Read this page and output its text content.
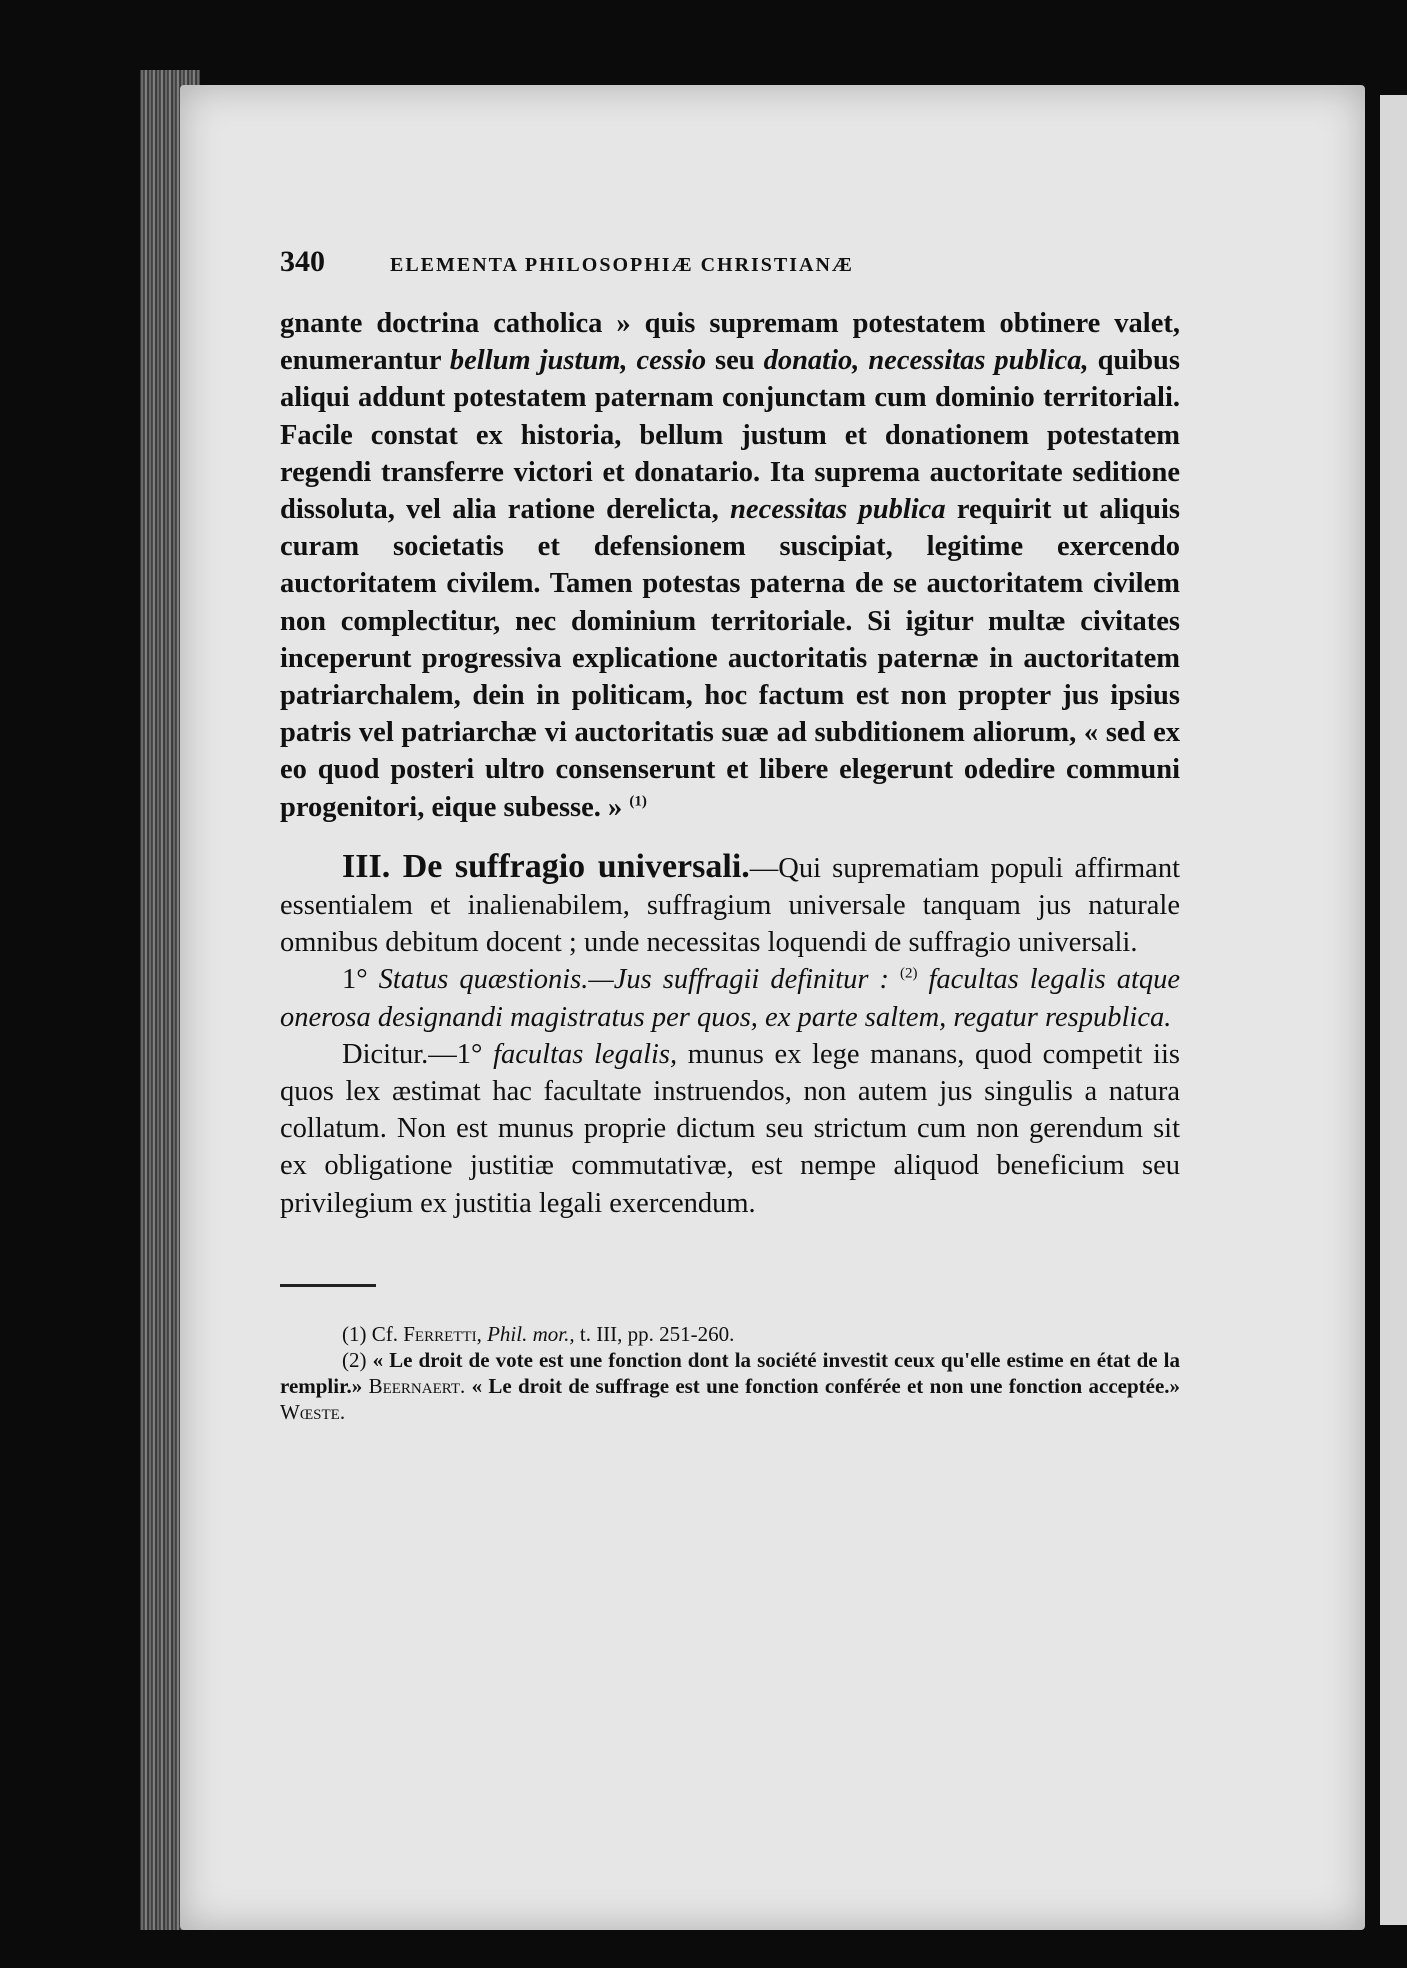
340	ELEMENTA PHILOSOPHIÆ CHRISTIANÆ

gnante doctrina catholica » quis supremam potestatem obtinere valet, enumerantur bellum justum, cessio seu donatio, necessitas publica, quibus aliqui addunt potestatem paternam conjunctam cum dominio territoriali. Facile constat ex historia, bellum justum et donationem potestatem regendi transferre victori et donatario. Ita suprema auctoritate seditione dissoluta, vel alia ratione derelicta, necessitas publica requirit ut aliquis curam societatis et defensionem suscipiat, legitime exercendo auctoritatem civilem. Tamen potestas paterna de se auctoritatem civilem non complectitur, nec dominium territoriale. Si igitur multæ civitates inceperunt progressiva explicatione auctoritatis paternæ in auctoritatem patriarchalem, dein in politicam, hoc factum est non propter jus ipsius patris vel patriarchæ vi auctoritatis suæ ad subditionem aliorum, « sed ex eo quod posteri ultro consenserunt et libere elegerunt odedire communi progenitori, eique subesse. » $^{(1)}$

III. De suffragio universali.—Qui suprematiam populi affirmant essentialem et inalienabilem, suffragium universale tanquam jus naturale omnibus debitum docent ; unde necessitas loquendi de suffragio universali.

1° Status quæstionis.—Jus suffragii definitur : $^{(2)}$ facultas legalis atque onerosa designandi magistratus per quos, ex parte saltem, regatur respublica.

Dicitur.—1° facultas legalis, munus ex lege manans, quod competit iis quos lex æstimat hac facultate instruendos, non autem jus singulis a natura collatum. Non est munus proprie dictum seu strictum cum non gerendum sit ex obligatione justitiæ commutativæ, est nempe aliquod beneficium seu privilegium ex justitia legali exercendum.

(1) Cf. Ferretti, Phil. mor., t. III, pp. 251-260.

(2) « Le droit de vote est une fonction dont la société investit ceux qu'elle estime en état de la remplir.» Beernaert. « Le droit de suffrage est une fonction conférée et non une fonction acceptée.» Wœste.
